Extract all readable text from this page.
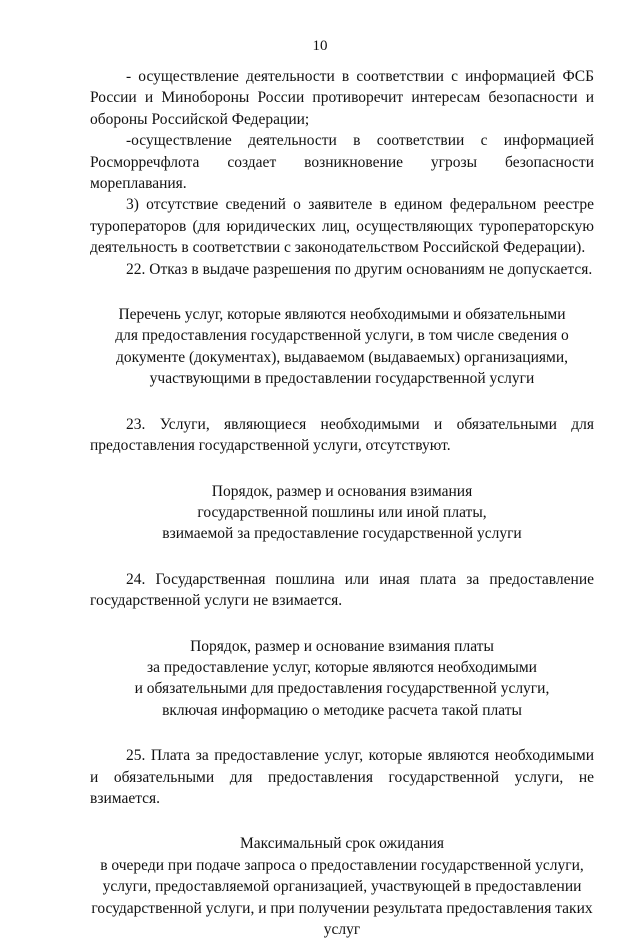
10

- осуществление деятельности в соответствии с информацией ФСБ России и Минобороны России противоречит интересам безопасности и обороны Российской Федерации;

-осуществление деятельности в соответствии с информацией Росморречфлота создает возникновение угрозы безопасности мореплавания.

3) отсутствие сведений о заявителе в едином федеральном реестре туроператоров (для юридических лиц, осуществляющих туроператорскую деятельность в соответствии с законодательством Российской Федерации).

22. Отказ в выдаче разрешения по другим основаниям не допускается.

Перечень услуг, которые являются необходимыми и обязательными
для предоставления государственной услуги, в том числе сведения о
документе (документах), выдаваемом (выдаваемых) организациями,
участвующими в предоставлении государственной услуги

23. Услуги, являющиеся необходимыми и обязательными для предоставления государственной услуги, отсутствуют.

Порядок, размер и основания взимания
государственной пошлины или иной платы,
взимаемой за предоставление государственной услуги

24. Государственная пошлина или иная плата за предоставление государственной услуги не взимается.

Порядок, размер и основание взимания платы
за предоставление услуг, которые являются необходимыми
и обязательными для предоставления государственной услуги,
включая информацию о методике расчета такой платы

25. Плата за предоставление услуг, которые являются необходимыми и обязательными для предоставления государственной услуги, не взимается.

Максимальный срок ожидания
в очереди при подаче запроса о предоставлении государственной услуги,
услуги, предоставляемой организацией, участвующей в предоставлении
государственной услуги, и при получении результата предоставления таких
услуг
